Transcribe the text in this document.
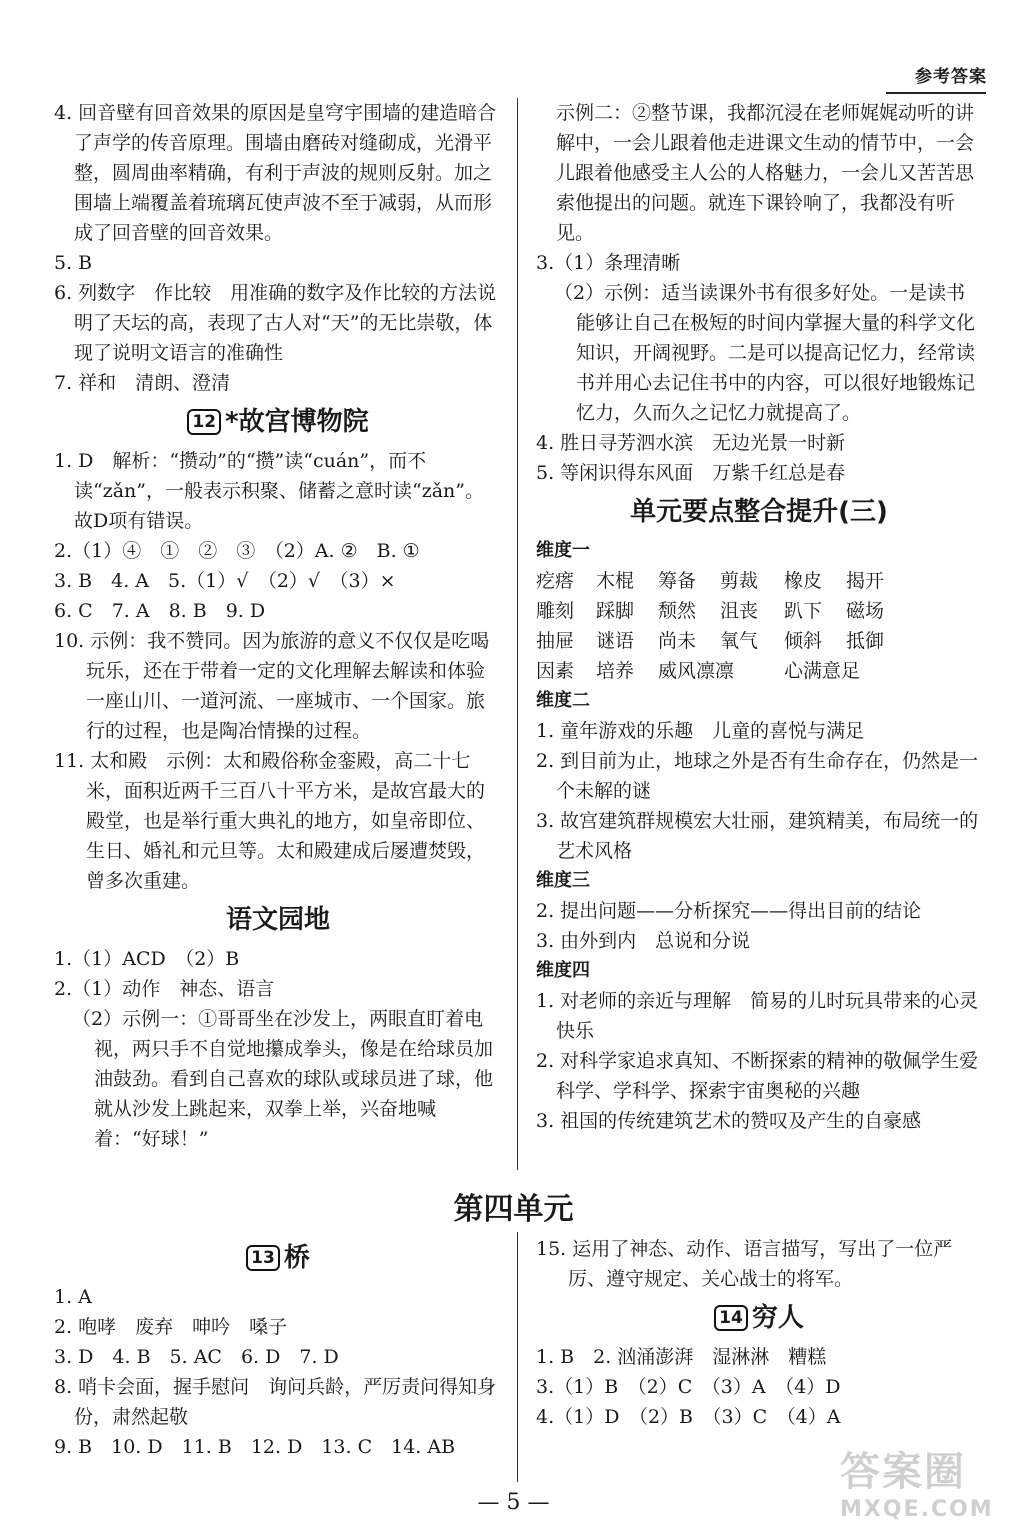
参考答案

4. 回音壁有回音效果的原因是皇穹宇围墙的建造暗合了声学的传音原理。围墙由磨砖对缝砌成，光滑平整，圆周曲率精确，有利于声波的规则反射。加之围墙上端覆盖着琉璃瓦使声波不至于减弱，从而形成了回音壁的回音效果。

5. B

6. 列数字　作比较　用准确的数字及作比较的方法说明了天坛的高，表现了古人对“天”的无比崇敬，体现了说明文语言的准确性

7. 祥和　清朗、澄清

12 *故宫博物院

1. D　解析：“攒动”的“攒”读“cuán”，而不读“zǎn”，一般表示积聚、储蓄之意时读“zǎn”。故D项有错误。

2.（1）④　①　②　③　（2）A. ②　B. ①

3. B　4. A　5.（1）√　（2）√　（3）×

6. C　7. A　8. B　9. D

10. 示例：我不赞同。因为旅游的意义不仅仅是吃喝玩乐，还在于带着一定的文化理解去解读和体验一座山川、一道河流、一座城市、一个国家。旅行的过程，也是陶冶情操的过程。

11. 太和殿　示例：太和殿俗称金銮殿，高二十七米，面积近两千三百八十平方米，是故宫最大的殿堂，也是举行重大典礼的地方，如皇帝即位、生日、婚礼和元旦等。太和殿建成后屡遭焚毁，曾多次重建。

语文园地

1.（1）ACD　（2）B

2.（1）动作　神态、语言

（2）示例一：①哥哥坐在沙发上，两眼直盯着电视，两只手不自觉地攥成拳头，像是在给球员加油鼓劲。看到自己喜欢的球队或球员进了球，他就从沙发上跳起来，双拳上举，兴奋地喊着：“好球！”

示例二：②整节课，我都沉浸在老师娓娓动听的讲解中，一会儿跟着他走进课文生动的情节中，一会儿跟着他感受主人公的人格魅力，一会儿又苦苦思索他提出的问题。就连下课铃响了，我都没有听见。

3.（1）条理清晰

（2）示例：适当读课外书有很多好处。一是读书能够让自己在极短的时间内掌握大量的科学文化知识，开阔视野。二是可以提高记忆力，经常读书并用心去记住书中的内容，可以很好地锻炼记忆力，久而久之记忆力就提高了。

4. 胜日寻芳泗水滨　无边光景一时新

5. 等闲识得东风面　万紫千红总是春

单元要点整合提升(三)

维度一

疙瘩	木棍	筹备	剪裁	橡皮	揭开
雕刻	踩脚	颓然	沮丧	趴下	磁场
抽屉	谜语	尚未	氧气	倾斜	抵御
因素	培养	威风凛凛	心满意足

维度二

1. 童年游戏的乐趣　儿童的喜悦与满足

2. 到目前为止，地球之外是否有生命存在，仍然是一个未解的谜

3. 故宫建筑群规模宏大壮丽，建筑精美，布局统一的艺术风格

维度三

2. 提出问题——分析探究——得出目前的结论

3. 由外到内　总说和分说

维度四

1. 对老师的亲近与理解　简易的儿时玩具带来的心灵快乐

2. 对科学家追求真知、不断探索的精神的敬佩学生爱科学、学科学、探索宇宙奥秘的兴趣

3. 祖国的传统建筑艺术的赞叹及产生的自豪感

第四单元
13 桥

1. A

2. 咆哮　废弃　呻吟　嗓子

3. D　4. B　5. AC　6. D　7. D

8. 哨卡会面，握手慰问　询问兵龄，严厉责问得知身份，肃然起敬

9. B　10. D　11. B　12. D　13. C　14. AB

15. 运用了神态、动作、语言描写，写出了一位严厉、遵守规定、关心战士的将军。

14 穷人

1. B　2. 汹涌澎湃　湿淋淋　糟糕

3.（1）B　（2）C　（3）A　（4）D

4.（1）D　（2）B　（3）C　（4）A

— 5 —
答案圈
MXQE.COM
